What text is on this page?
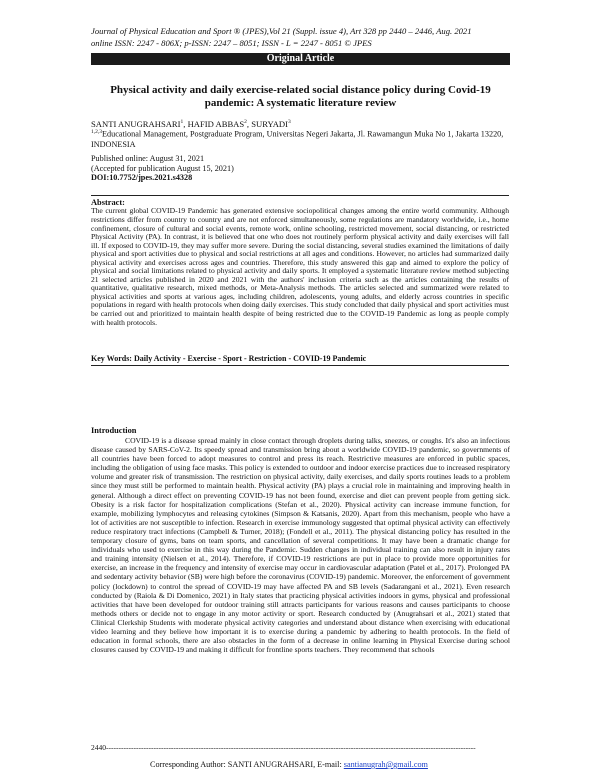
Journal of Physical Education and Sport ® (JPES),Vol 21 (Suppl. issue 4), Art 328 pp 2440 – 2446, Aug. 2021
online ISSN: 2247 - 806X; p-ISSN: 2247 – 8051; ISSN - L = 2247 - 8051 © JPES
Original Article
Physical activity and daily exercise-related social distance policy during Covid-19 pandemic: A systematic literature review
SANTI ANUGRAHSARI$^1$, HAFID ABBAS$^2$, SURYADI$^3$
$^{1,2,3}$Educational Management, Postgraduate Program, Universitas Negeri Jakarta, Jl. Rawamangun Muka No 1, Jakarta 13220, INDONESIA
Published online: August 31, 2021
(Accepted for publication August 15, 2021)
DOI:10.7752/jpes.2021.s4328
Abstract:
The current global COVID-19 Pandemic has generated extensive sociopolitical changes among the entire world community. Although restrictions differ from country to country and are not enforced simultaneously, some regulations are mandatory worldwide, i.e., home confinement, closure of cultural and social events, remote work, online schooling, restricted movement, social distancing, or restricted Physical Activity (PA). In contrast, it is believed that one who does not routinely perform physical activity and daily exercises will fall ill. If exposed to COVID-19, they may suffer more severe. During the social distancing, several studies examined the limitations of daily physical and sport activities due to physical and social restrictions at all ages and conditions. However, no articles had summarized daily physical activity and exercises across ages and countries. Therefore, this study answered this gap and aimed to explore the policy of physical and social limitations related to physical activity and daily sports. It employed a systematic literature review method subjecting 21 selected articles published in 2020 and 2021 with the authors' inclusion criteria such as the articles containing the results of quantitative, qualitative research, mixed methods, or Meta-Analysis methods. The articles selected and summarized were related to physical activities and sports at various ages, including children, adolescents, young adults, and elderly across countries in specific populations in regard with health protocols when doing daily exercises. This study concluded that daily physical and sport activities must be carried out and prioritized to maintain health despite of being restricted due to the COVID-19 Pandemic as long as people comply with health protocols.
Key Words: Daily Activity - Exercise - Sport - Restriction - COVID-19 Pandemic
Introduction
COVID-19 is a disease spread mainly in close contact through droplets during talks, sneezes, or coughs. It's also an infectious disease caused by SARS-CoV-2. Its speedy spread and transmission bring about a worldwide COVID-19 pandemic, so governments of all countries have been forced to adopt measures to control and press its reach. Restrictive measures are enforced in public spaces, including the obligation of using face masks. This policy is extended to outdoor and indoor exercise practices due to increased respiratory volume and greater risk of transmission. The restriction on physical activity, daily exercises, and daily sports routines leads to a problem since they must still be performed to maintain health. Physical activity (PA) plays a crucial role in maintaining and improving health in general. Although a direct effect on preventing COVID-19 has not been found, exercise and diet can prevent people from getting sick. Obesity is a risk factor for hospitalization complications (Stefan et al., 2020). Physical activity can increase immune function, for example, mobilizing lymphocytes and releasing cytokines (Simpson & Katsanis, 2020). Apart from this mechanism, people who have a lot of activities are not susceptible to infection. Research in exercise immunology suggested that optimal physical activity can effectively reduce respiratory tract infections (Campbell & Turner, 2018); (Fondell et al., 2011). The physical distancing policy has resulted in the temporary closure of gyms, bans on team sports, and cancellation of several competitions. It may have been a dramatic change for individuals who used to exercise in this way during the Pandemic. Sudden changes in individual training can also result in injury rates and training intensity (Nielsen et al., 2014). Therefore, if COVID-19 restrictions are put in place to provide more opportunities for exercise, an increase in the frequency and intensity of exercise may occur in cardiovascular adaptation (Patel et al., 2017). Prolonged PA and sedentary activity behavior (SB) were high before the coronavirus (COVID-19) pandemic. Moreover, the enforcement of government policy (lockdown) to control the spread of COVID-19 may have affected PA and SB levels (Sadarangani et al., 2021). Even research conducted by (Raiola & Di Domenico, 2021) in Italy states that practicing physical activities indoors in gyms, physical and professional activities that have been developed for outdoor training still attracts participants for various reasons and causes participants to choose methods others or decide not to engage in any motor activity or sport. Research conducted by (Anugrahsari et al., 2021) stated that Clinical Clerkship Students with moderate physical activity categories and understand about distance when exercising with educational video learning and they believe how important it is to exercise during a pandemic by adhering to health protocols. In the field of education in formal schools, there are also obstacles in the form of a decrease in online learning in Physical Exercise during school closures caused by COVID-19 and making it difficult for frontline sports teachers. They recommend that schools
2440----------------------------------------------------------------------------------------------------------------------------------------------------
Corresponding Author: SANTI ANUGRAHSARI, E-mail: santianugrah@gmail.com
